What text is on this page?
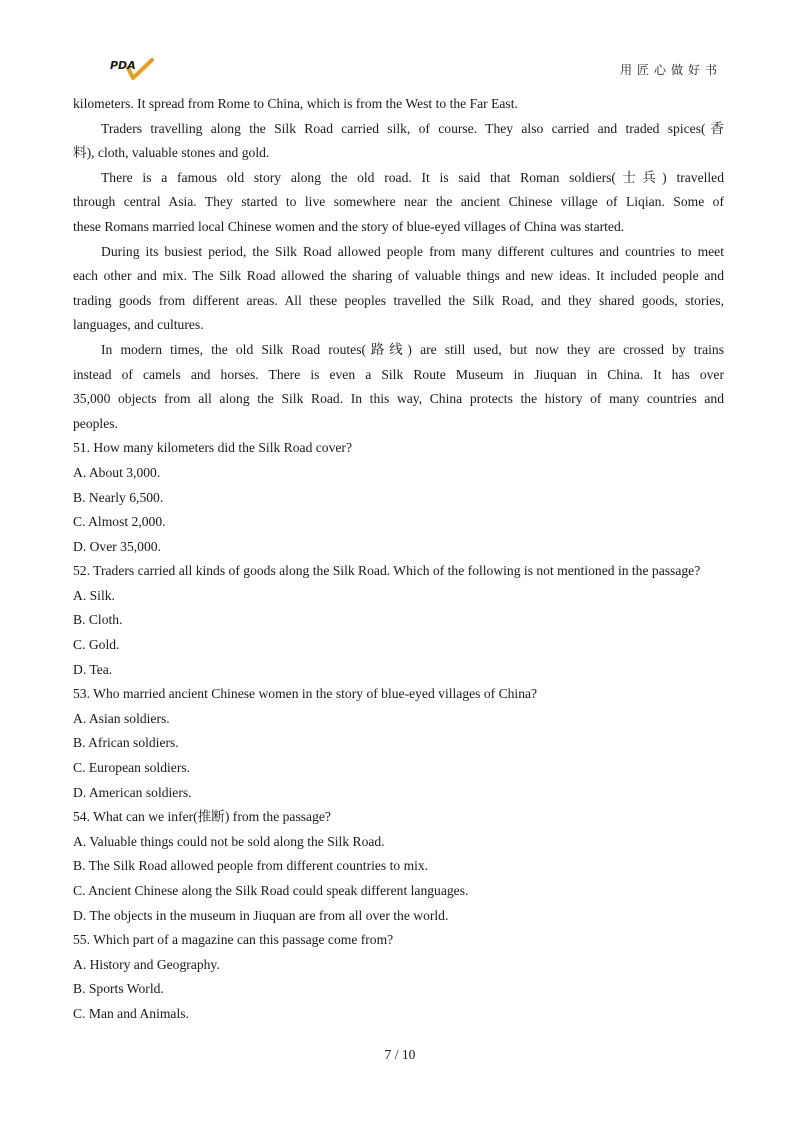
PDA	用匠心做好书
kilometers. It spread from Rome to China, which is from the West to the Far East.
Traders travelling along the Silk Road carried silk, of course. They also carried and traded spices(香
料), cloth, valuable stones and gold.
There is a famous old story along the old road. It is said that Roman soldiers(士兵) travelled
through central Asia. They started to live somewhere near the ancient Chinese village of Liqian. Some of
these Romans married local Chinese women and the story of blue-eyed villages of China was started.
During its busiest period, the Silk Road allowed people from many different cultures and countries to meet
each other and mix. The Silk Road allowed the sharing of valuable things and new ideas. It included people and
trading goods from different areas. All these peoples travelled the Silk Road, and they shared goods, stories,
languages, and cultures.
In modern times, the old Silk Road routes(路线) are still used, but now they are crossed by trains
instead of camels and horses. There is even a Silk Route Museum in Jiuquan in China. It has over
35,000 objects from all along the Silk Road. In this way, China protects the history of many countries and
peoples.
51. How many kilometers did the Silk Road cover?
A. About 3,000.
B. Nearly 6,500.
C. Almost 2,000.
D. Over 35,000.
52. Traders carried all kinds of goods along the Silk Road. Which of the following is not mentioned in the passage?
A. Silk.
B. Cloth.
C. Gold.
D. Tea.
53. Who married ancient Chinese women in the story of blue-eyed villages of China?
A. Asian soldiers.
B. African soldiers.
C. European soldiers.
D. American soldiers.
54. What can we infer(推断) from the passage?
A. Valuable things could not be sold along the Silk Road.
B. The Silk Road allowed people from different countries to mix.
C. Ancient Chinese along the Silk Road could speak different languages.
D. The objects in the museum in Jiuquan are from all over the world.
55. Which part of a magazine can this passage come from?
A. History and Geography.
B. Sports World.
C. Man and Animals.
7 / 10
